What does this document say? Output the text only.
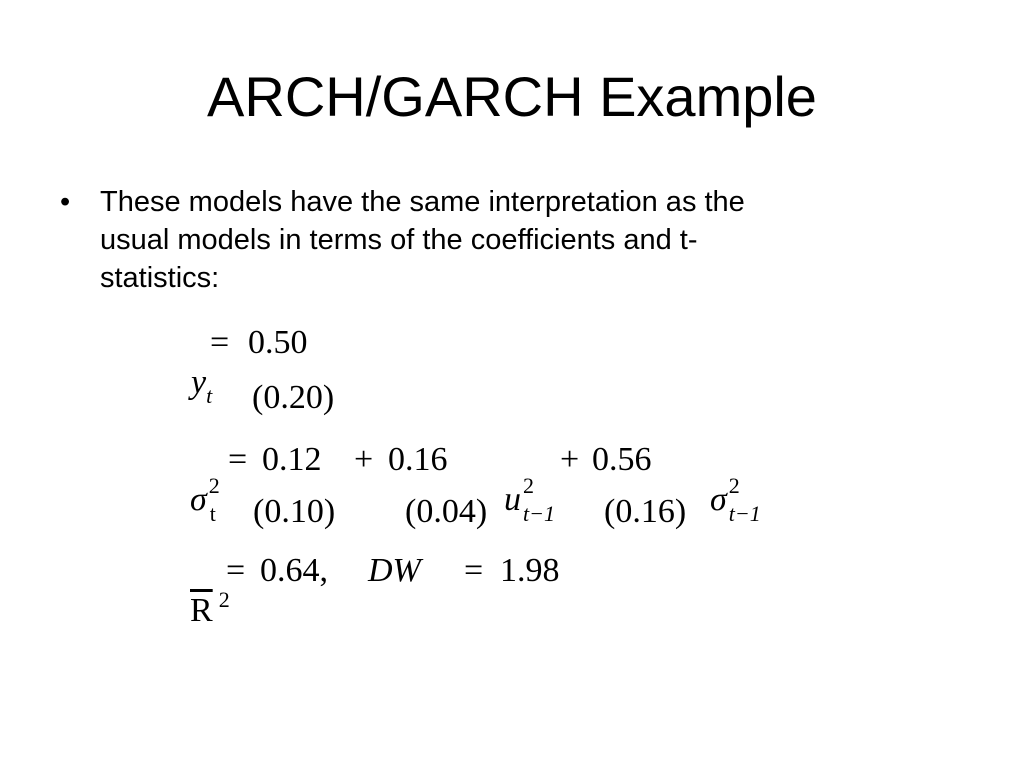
ARCH/GARCH Example
• These models have the same interpretation as the
usual models in terms of the coefficients and t-
statistics:

$y_t$

= 0.50
(0.20)

σ
2

t

= 0.12 + 0.16

u
2

t−1

+ 0.56

σ
2

t−1

(0.10) (0.04)	(0.16)

$\overline{R}$ $^2$

= 0.64, DW = 1.98
